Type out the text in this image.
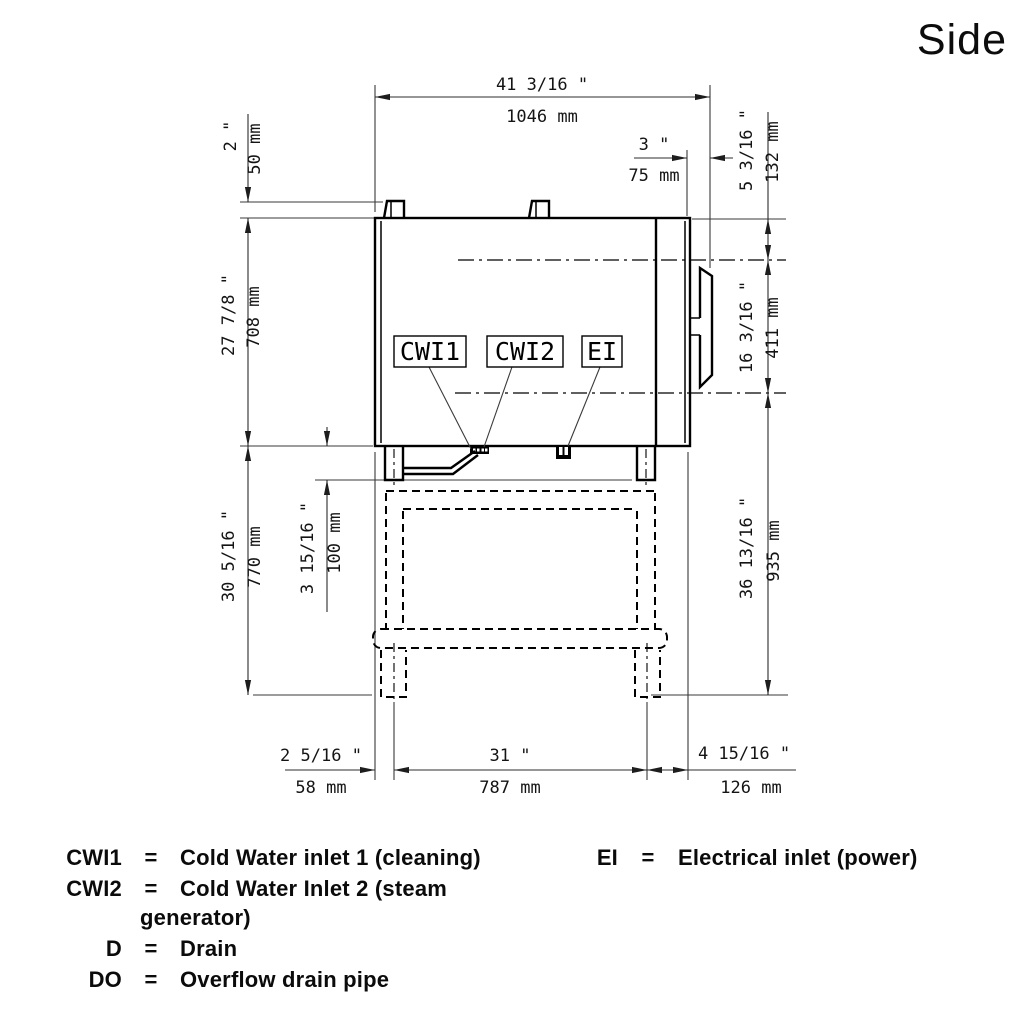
Side
41 3/16 "
1046 mm
3 "
75 mm
2 " 50 mm
27 7/8 " 708 mm
30 5/16 " 770 mm 3 15/16 " 100 mm
5 3/16 " 132 mm
16 3/16 " 411 mm
36 13/16 " 935 mm
2 5/16 "
58 mm
31 "
787 mm
4 15/16 "
126 mm
CWI1 CWI2 EI
CWI1	=	Cold Water inlet 1 (cleaning)
CWI2	=	Cold Water Inlet 2 (steam
generator)
D	=	Drain
DO	=	Overflow drain pipe
EI	=	Electrical inlet (power)
